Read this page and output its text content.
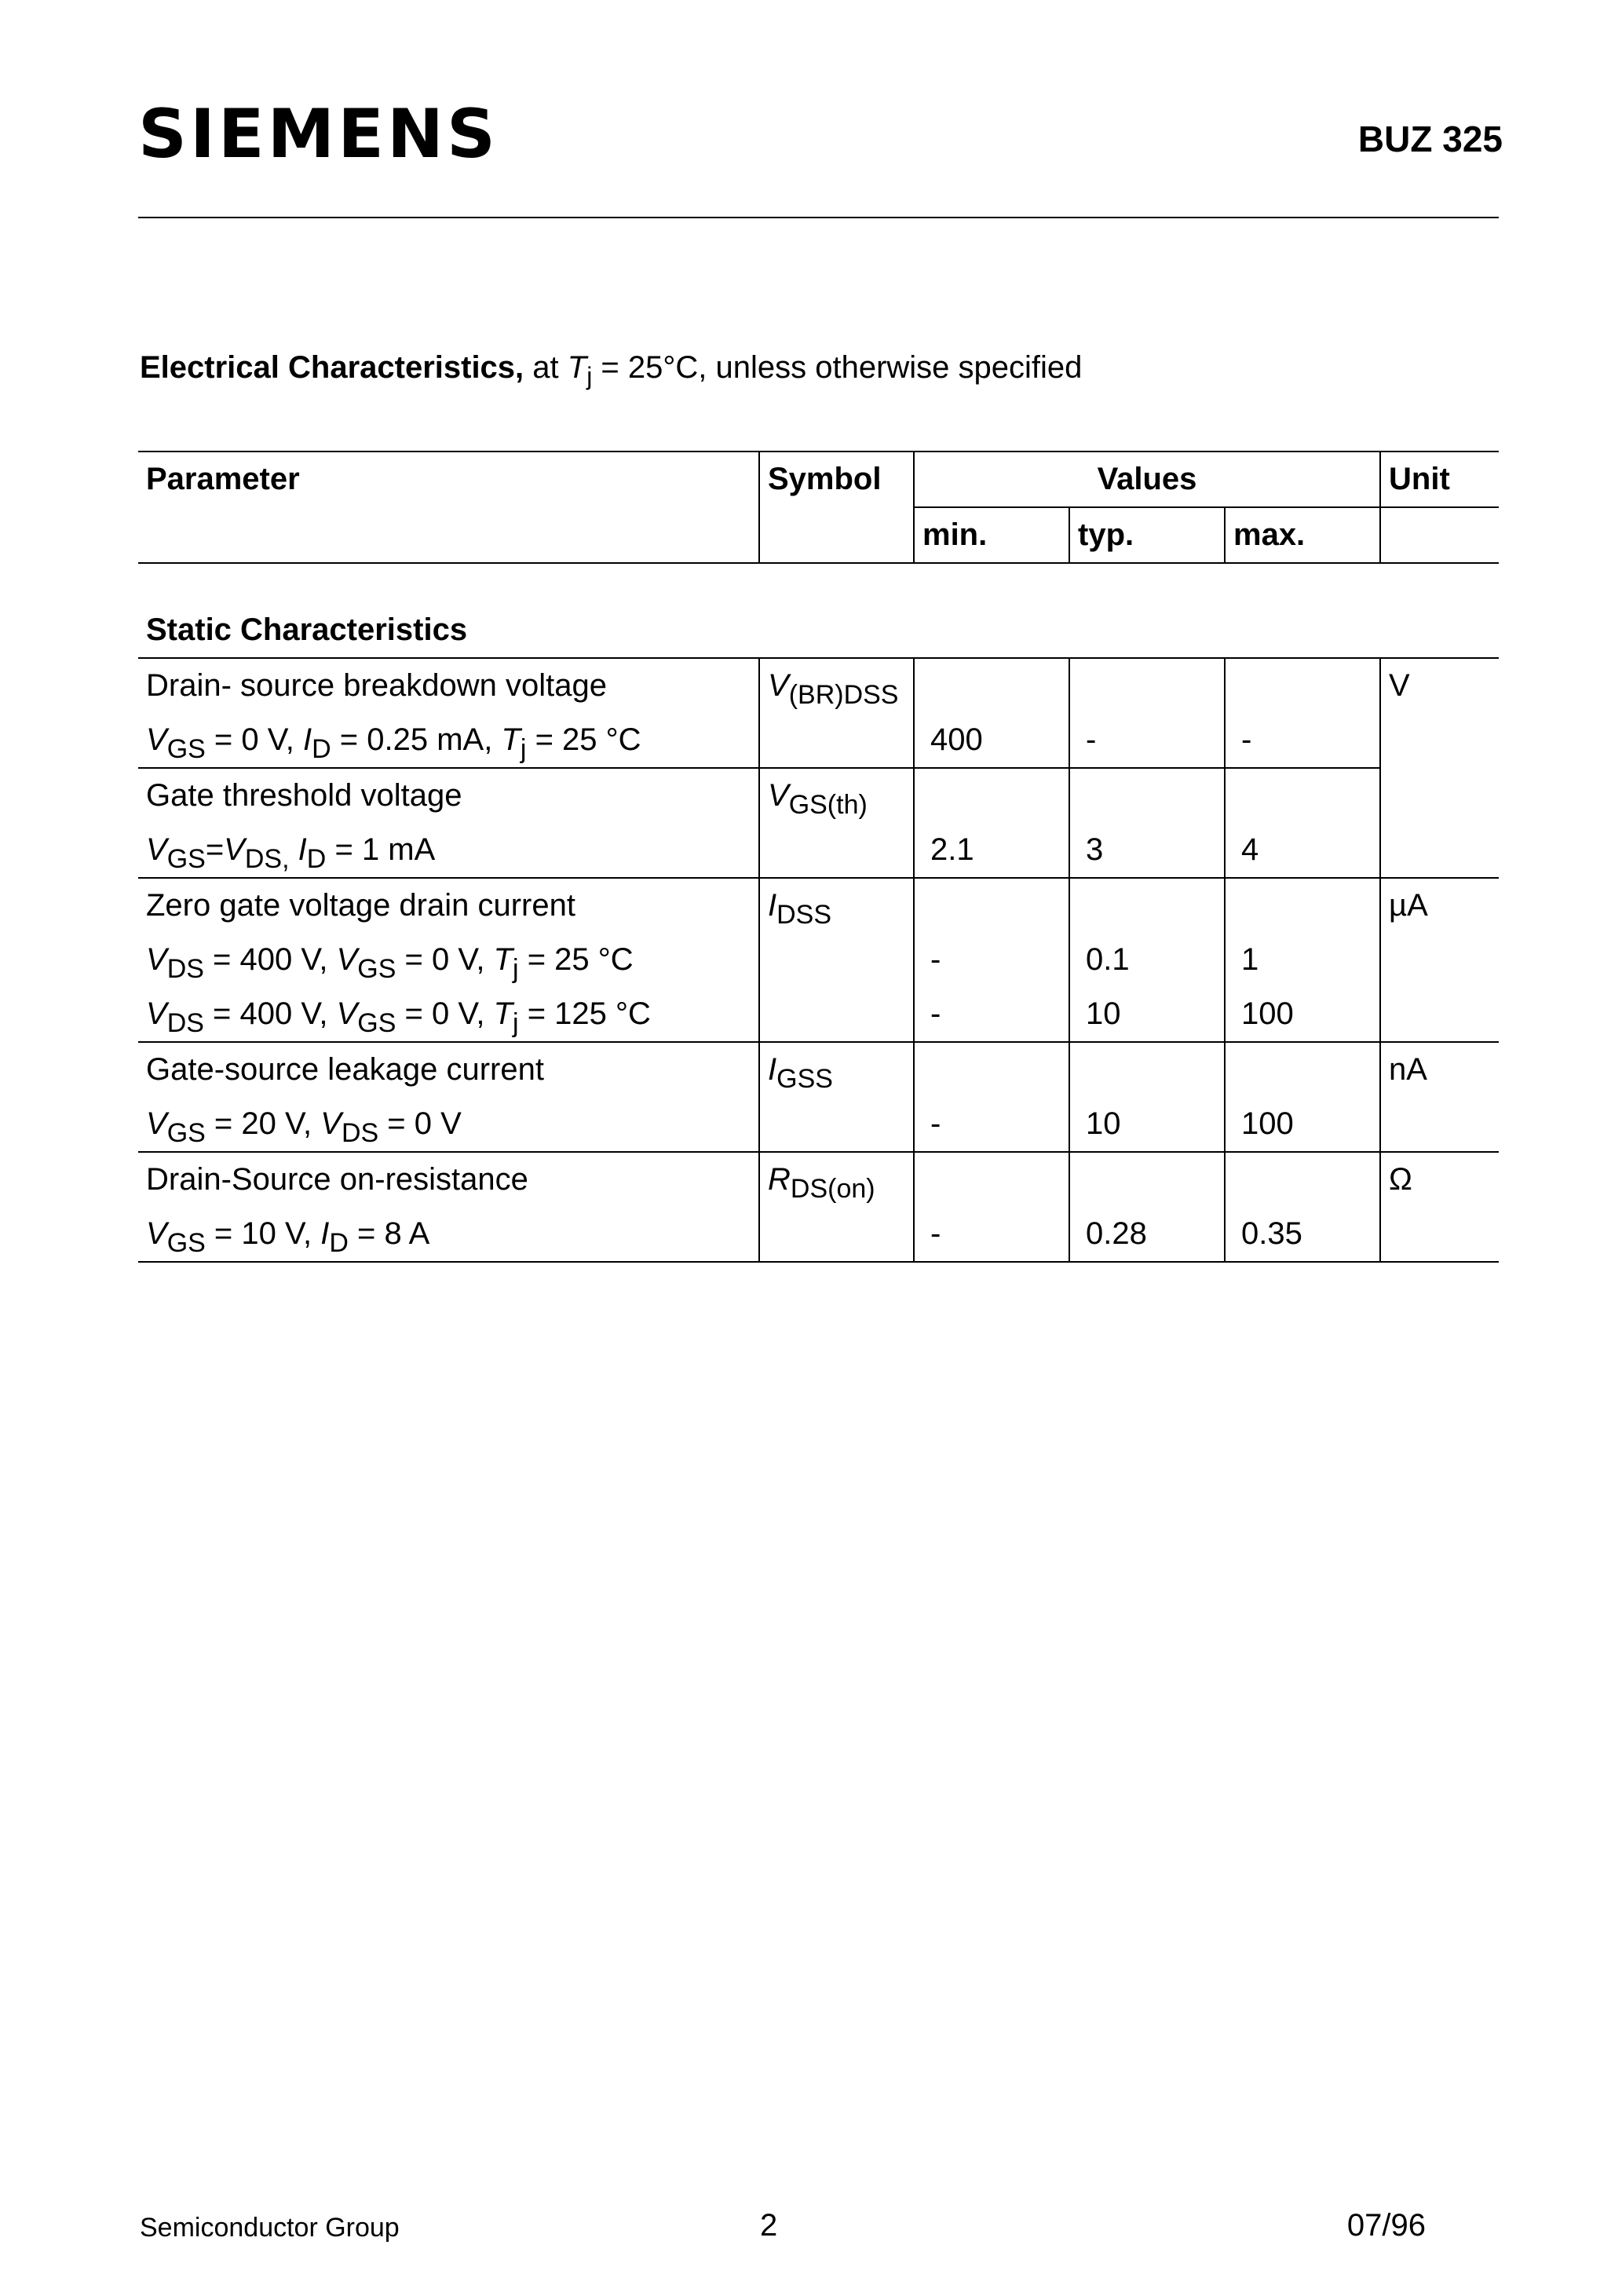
SIEMENS	BUZ 325
Electrical Characteristics, at $T_j = 25^\circ C$, unless otherwise specified
Parameter	Symbol	Values			Unit
		min.	typ.	max.	

Static Characteristics					
Drain- source breakdown voltage	$V_{(BR)DSS}$				V
$V_{GS} = 0$ V, $I_D = 0.25$ mA, $T_j = 25$ °C		400	-	-	
Gate threshold voltage	$V_{GS(th)}$			
$V_{GS}=V_{DS,}$ $I_D = 1$ mA		2.1	3	4	
Zero gate voltage drain current	$I_{DSS}$				µA
$V_{DS} = 400$ V, $V_{GS} = 0$ V, $T_j = 25$ °C		-	0.1	1	
$V_{DS} = 400$ V, $V_{GS} = 0$ V, $T_j = 125$ °C		-	10	100	
Gate-source leakage current	$I_{GSS}$				nA
$V_{GS} = 20$ V, $V_{DS} = 0$ V		-	10	100	
Drain-Source on-resistance	$R_{DS(on)}$				Ω
$V_{GS} = 10$ V, $I_D = 8$ A		-	0.28	0.35	
Semiconductor Group	2	07/96
